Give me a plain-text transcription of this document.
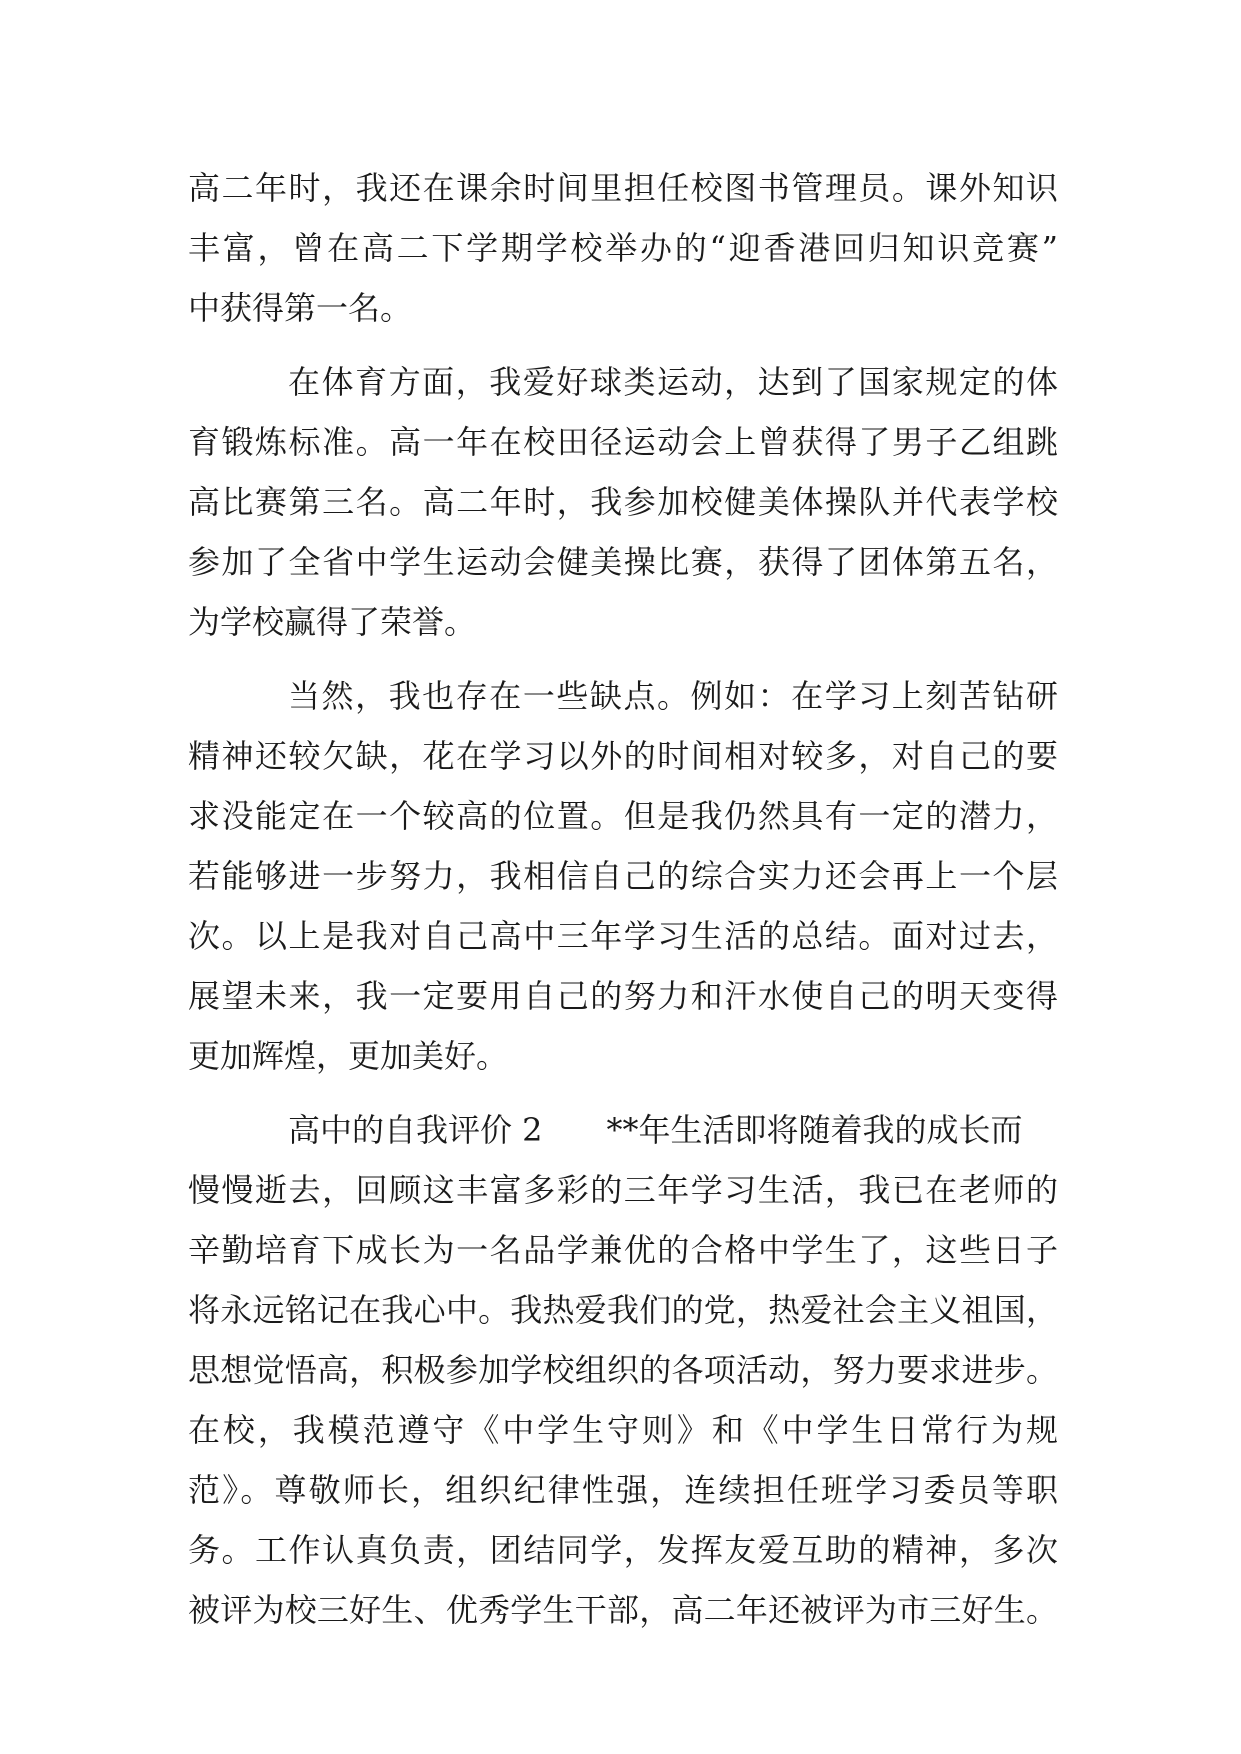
高二年时，我还在课余时间里担任校图书管理员。课外知识
丰富，曾在高二下学期学校举办的“迎香港回归知识竞赛”
中获得第一名。
在体育方面，我爱好球类运动，达到了国家规定的体
育锻炼标准。高一年在校田径运动会上曾获得了男子乙组跳
高比赛第三名。高二年时，我参加校健美体操队并代表学校
参加了全省中学生运动会健美操比赛，获得了团体第五名，
为学校赢得了荣誉。
当然，我也存在一些缺点。例如：在学习上刻苦钻研
精神还较欠缺，花在学习以外的时间相对较多，对自己的要
求没能定在一个较高的位置。但是我仍然具有一定的潜力，
若能够进一步努力，我相信自己的综合实力还会再上一个层
次。以上是我对自己高中三年学习生活的总结。面对过去，
展望未来，我一定要用自己的努力和汗水使自己的明天变得
更加辉煌，更加美好。
高中的自我评价 2　　**年生活即将随着我的成长而
慢慢逝去，回顾这丰富多彩的三年学习生活，我已在老师的
辛勤培育下成长为一名品学兼优的合格中学生了，这些日子
将永远铭记在我心中。我热爱我们的党，热爱社会主义祖国，
思想觉悟高，积极参加学校组织的各项活动，努力要求进步。
在校，我模范遵守《中学生守则》和《中学生日常行为规
范》。尊敬师长，组织纪律性强，连续担任班学习委员等职
务。工作认真负责，团结同学，发挥友爱互助的精神，多次
被评为校三好生、优秀学生干部，高二年还被评为市三好生。
